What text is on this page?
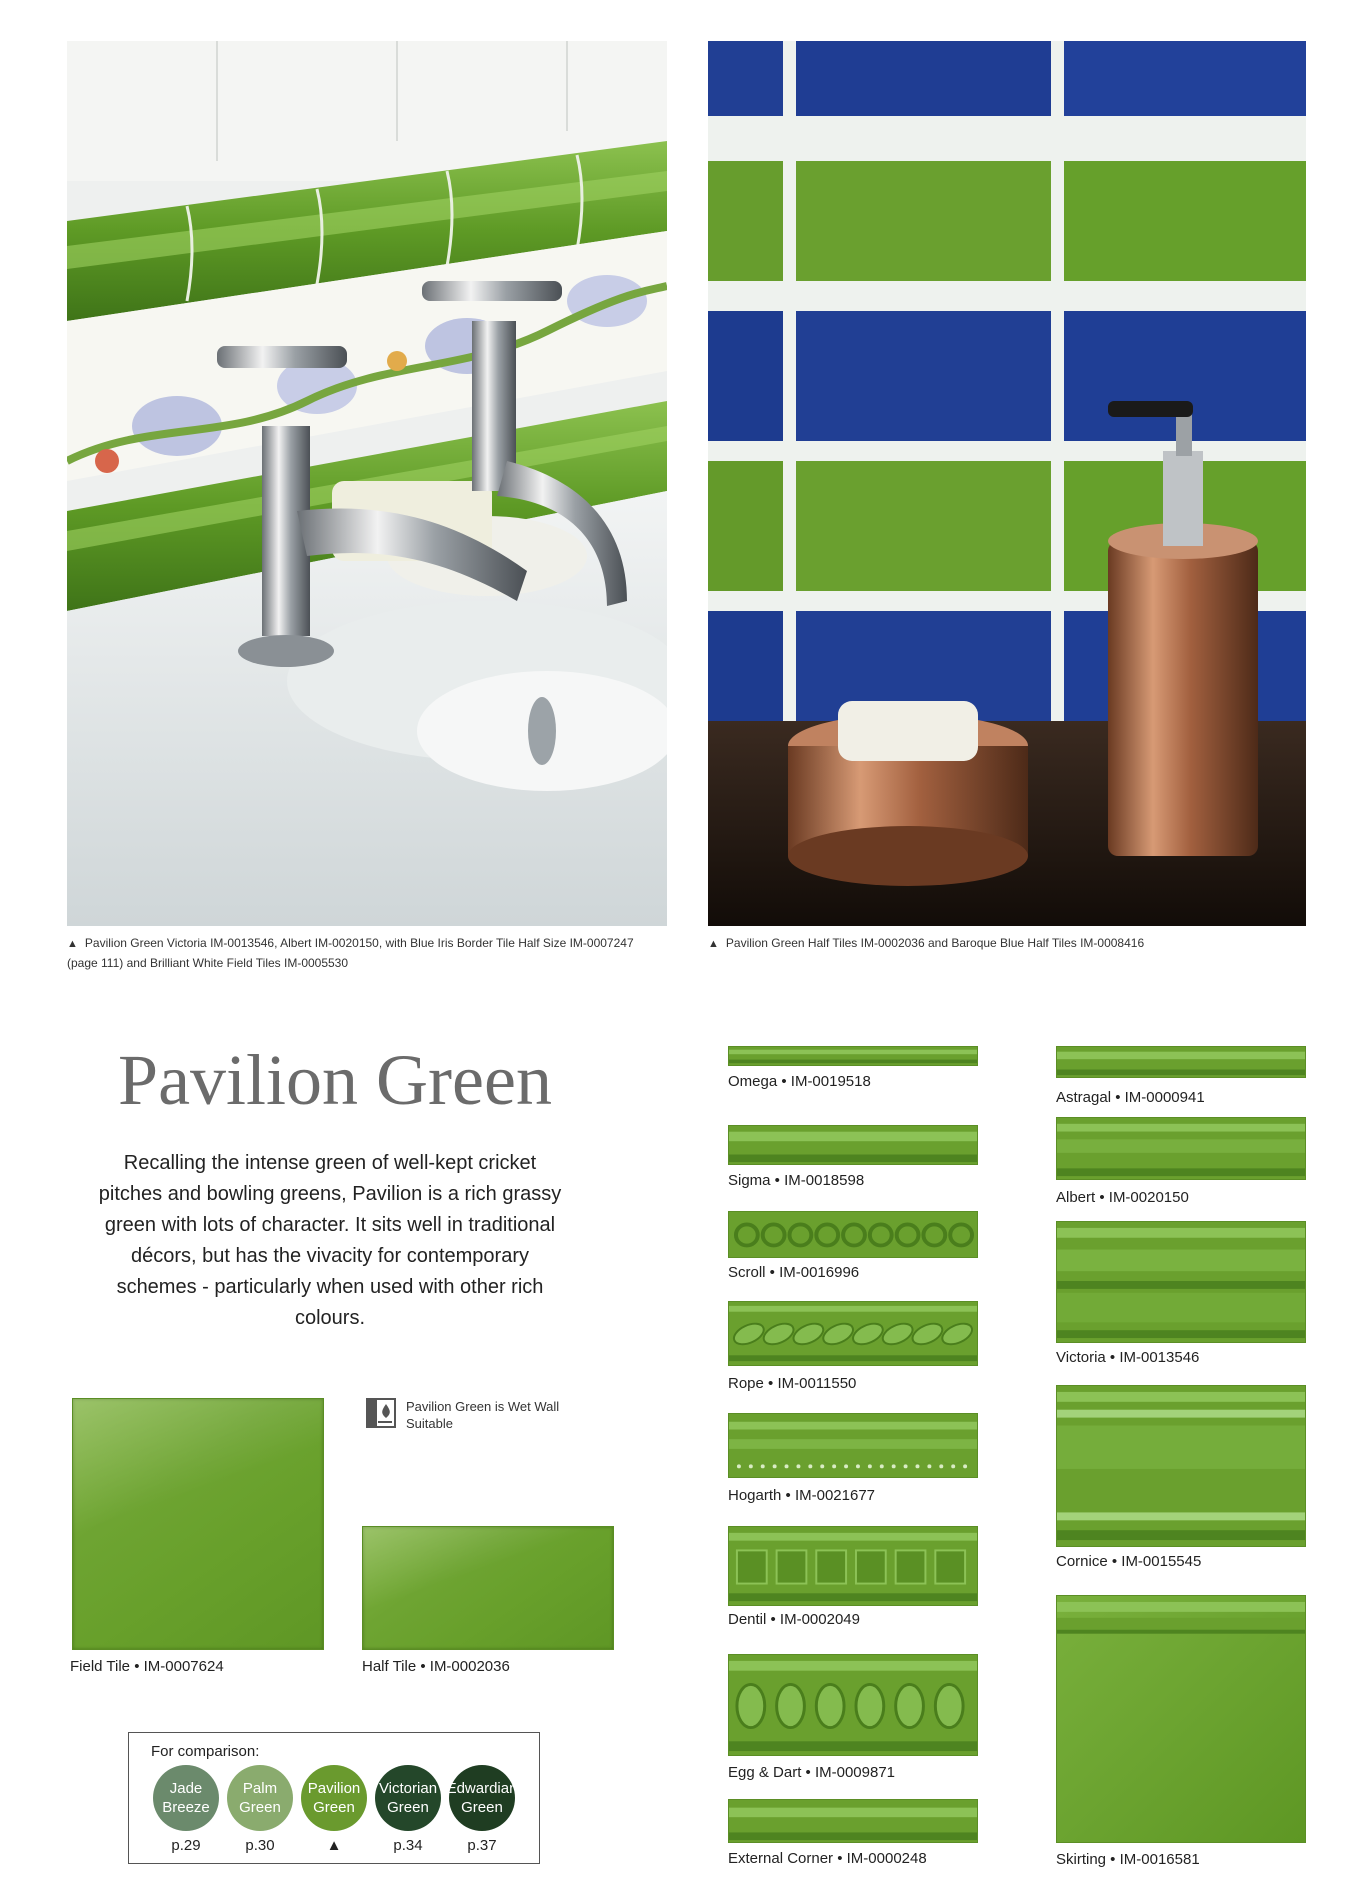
▲ Pavilion Green Victoria IM-0013546, Albert IM-0020150, with Blue Iris Border Tile Half Size IM-0007247 (page 111) and Brilliant White Field Tiles IM-0005530
▲ Pavilion Green Half Tiles IM-0002036 and Baroque Blue Half Tiles IM-0008416
Pavilion Green
Recalling the intense green of well-kept cricket pitches and bowling greens, Pavilion is a rich grassy green with lots of character. It sits well in traditional décors, but has the vivacity for contemporary schemes - particularly when used with other rich colours.
Pavilion Green is Wet Wall Suitable
Field Tile • IM-0007624	Half Tile • IM-0002036
For comparison:
Jade
Breeze
p.29
Palm
Green
p.30
Pavilion
Green
▲
Victorian
Green
p.34
Edwardian
Green
p.37
Omega • IM-0019518
Sigma • IM-0018598
Scroll • IM-0016996
Rope • IM-0011550
Hogarth • IM-0021677
Dentil • IM-0002049
Egg & Dart • IM-0009871
External Corner • IM-0000248
Astragal • IM-0000941
Albert • IM-0020150
Victoria • IM-0013546
Cornice • IM-0015545
Skirting • IM-0016581
